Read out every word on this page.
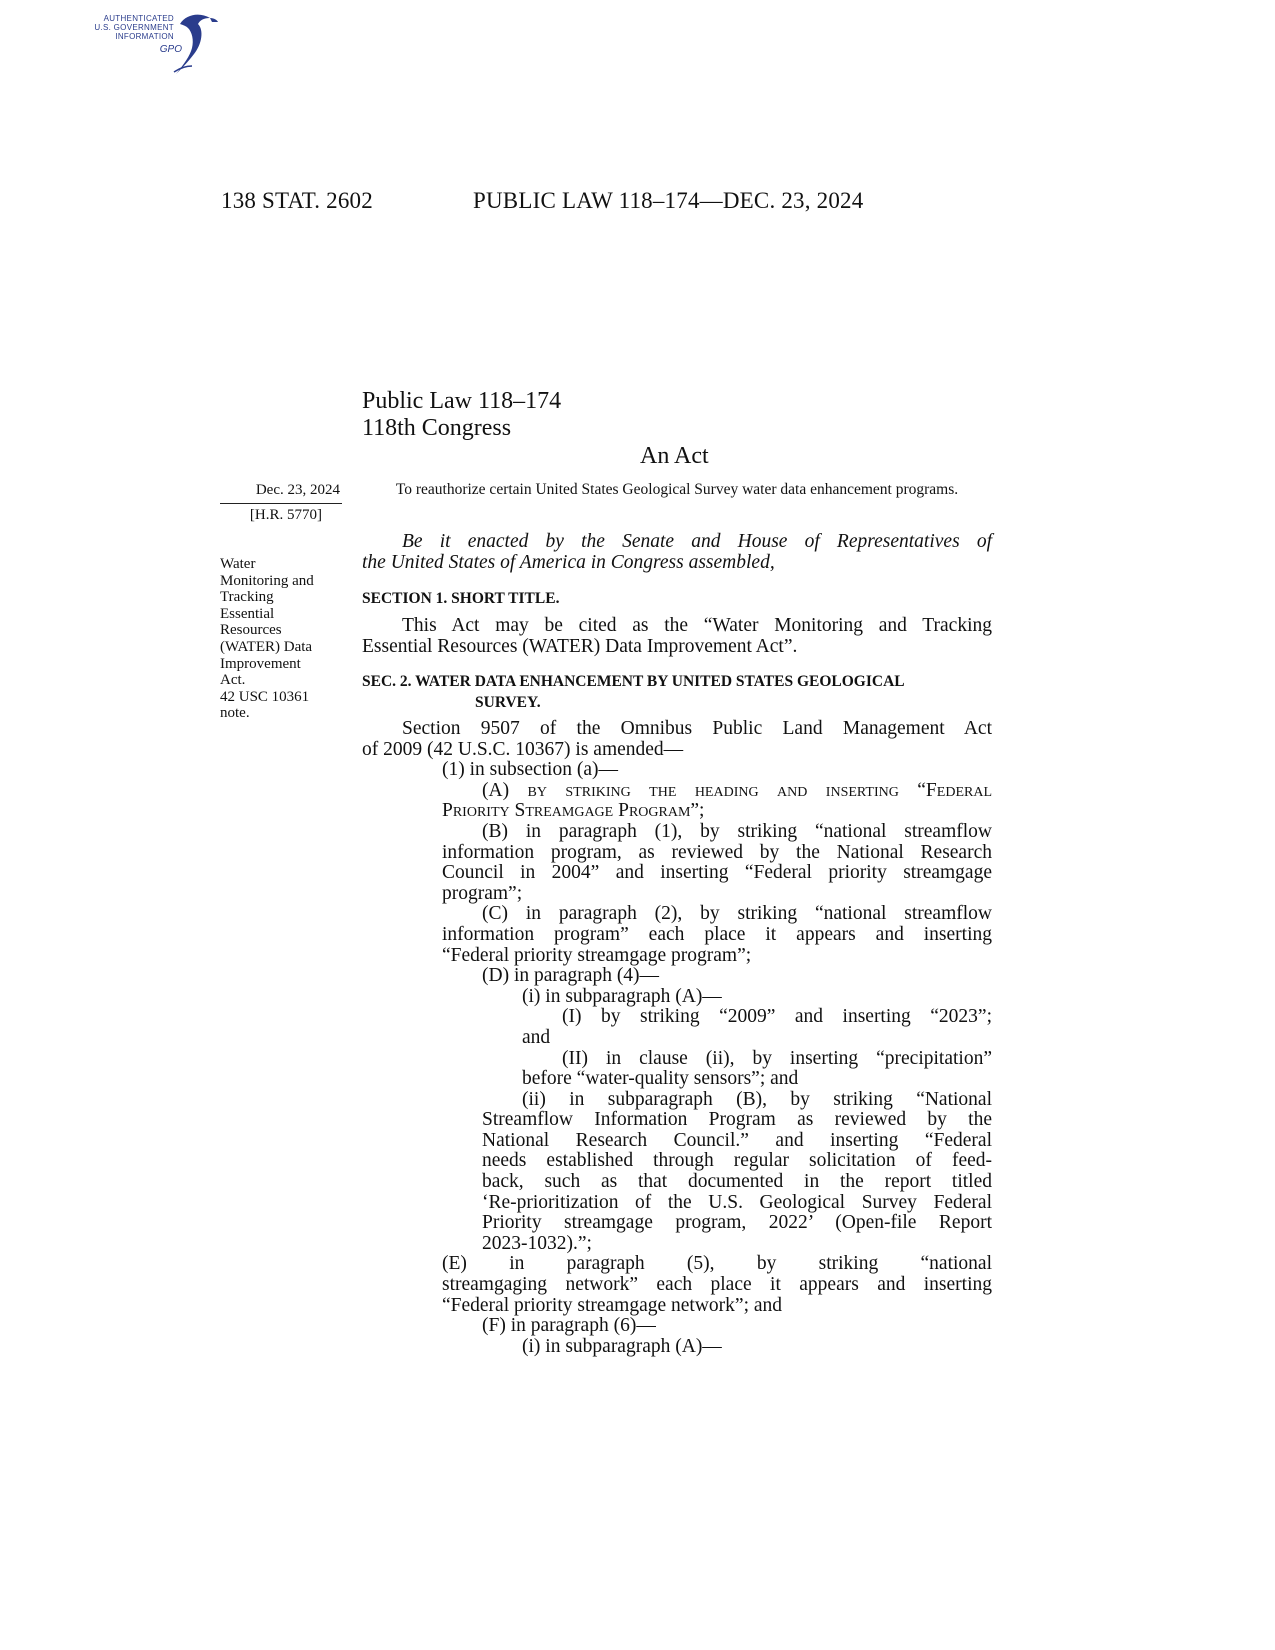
AUTHENTICATED
U.S. GOVERNMENT
INFORMATION
GPO
138 STAT. 2602	PUBLIC LAW 118–174—DEC. 23, 2024
Public Law 118–174
118th Congress
An Act
To reauthorize certain United States Geological Survey water data enhancement programs.
Dec. 23, 2024
[H.R. 5770]
Water
Monitoring and
Tracking
Essential
Resources
(WATER) Data
Improvement
Act.
42 USC 10361
note.
Be it enacted by the Senate and House of Representatives of
the United States of America in Congress assembled,
SECTION 1. SHORT TITLE.
This Act may be cited as the “Water Monitoring and Tracking
Essential Resources (WATER) Data Improvement Act”.
SEC. 2. WATER DATA ENHANCEMENT BY UNITED STATES GEOLOGICAL
SURVEY.
Section 9507 of the Omnibus Public Land Management Act
of 2009 (42 U.S.C. 10367) is amended—
(1) in subsection (a)—
(A) by striking the heading and inserting “Federal
Priority Streamgage Program”;
(B) in paragraph (1), by striking “national streamflow
information program, as reviewed by the National Research
Council in 2004” and inserting “Federal priority streamgage
program”;
(C) in paragraph (2), by striking “national streamflow
information program” each place it appears and inserting
“Federal priority streamgage program”;
(D) in paragraph (4)—
(i) in subparagraph (A)—
(I) by striking “2009” and inserting “2023”;
and
(II) in clause (ii), by inserting “precipitation”
before “water-quality sensors”; and
(ii) in subparagraph (B), by striking “National
Streamflow Information Program as reviewed by the
National Research Council.” and inserting “Federal
needs established through regular solicitation of feed-
back, such as that documented in the report titled
‘Re-prioritization of the U.S. Geological Survey Federal
Priority streamgage program, 2022’ (Open-file Report
2023-1032).”;
(E) in paragraph (5), by striking “national
streamgaging network” each place it appears and inserting
“Federal priority streamgage network”; and
(F) in paragraph (6)—
(i) in subparagraph (A)—
